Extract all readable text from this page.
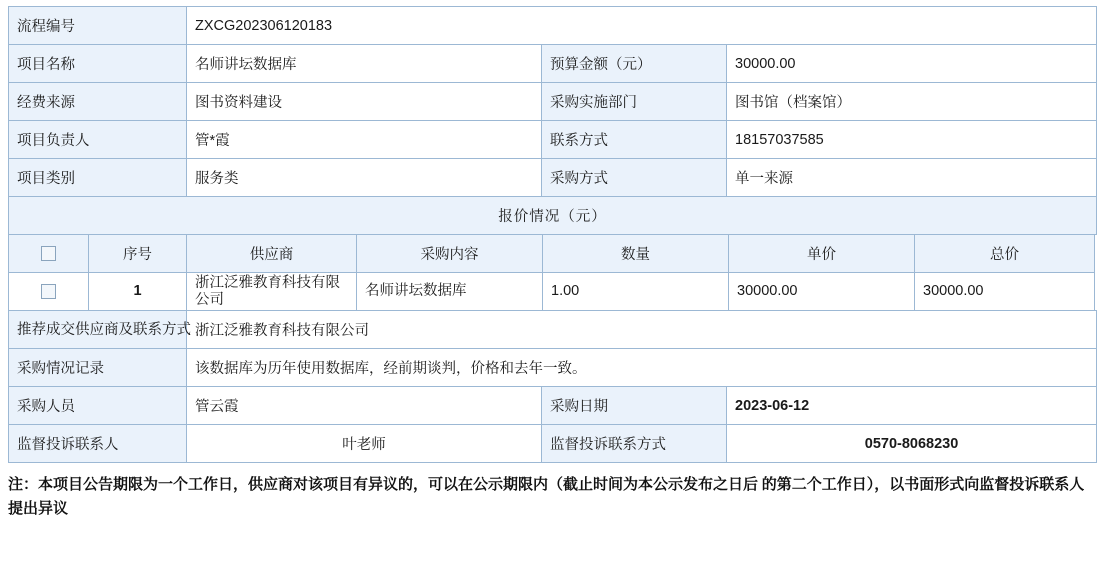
流程编号	ZXCG202306120183		
项目名称	名师讲坛数据库	预算金额（元）	30000.00
经费来源	图书资料建设	采购实施部门	图书馆（档案馆）
项目负责人	管*霞	联系方式	18157037585
项目类别	服务类	采购方式	单一来源
报价情况（元）			
	序号	供应商	采购内容	数量	单价	总价
	1	浙江泛雅教育科技有限公司	名师讲坛数据库	1.00	30000.00	30000.00
推荐成交供应商及联系方式	浙江泛雅教育科技有限公司		
采购情况记录	该数据库为历年使用数据库，经前期谈判，价格和去年一致。		
采购人员	管云霞	采购日期	2023-06-12
监督投诉联系人	叶老师	监督投诉联系方式	0570-8068230
注：本项目公告期限为一个工作日，供应商对该项目有异议的，可以在公示期限内（截止时间为本公示发布之日后 的第二个工作日），以书面形式向监督投诉联系人提出异议
